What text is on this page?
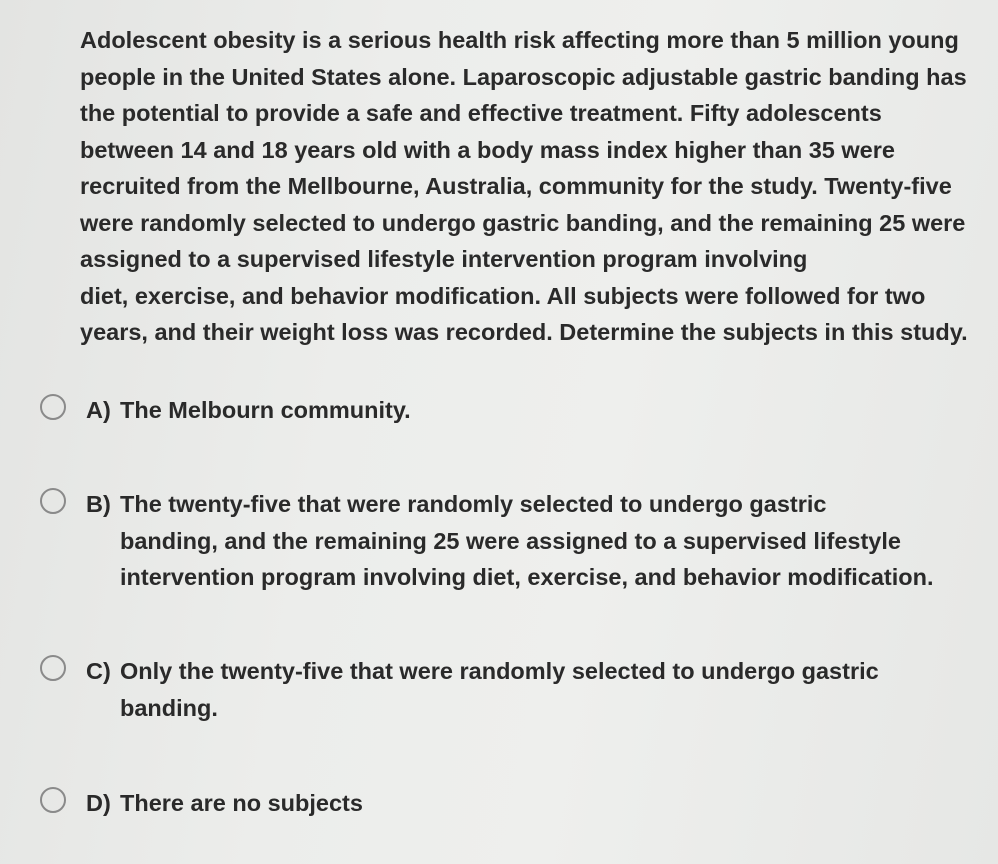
Adolescent obesity is a serious health risk affecting more than 5 million young
people in the United States alone. Laparoscopic adjustable gastric banding has
the potential to provide a safe and effective treatment. Fifty adolescents
between 14 and 18 years old with a body mass index higher than 35 were
recruited from the Mellbourne, Australia, community for the study. Twenty-five
were randomly selected to undergo gastric banding, and the remaining 25 were
assigned to a supervised lifestyle intervention program involving
diet, exercise, and behavior modification. All subjects were followed for two
years, and their weight loss was recorded. Determine the subjects in this study.
A) The Melbourn community.
B) The twenty-five that were randomly selected to undergo gastric
banding, and the remaining 25 were assigned to a supervised lifestyle
intervention program involving diet, exercise, and behavior modification.
C) Only the twenty-five that were randomly selected to undergo gastric
banding.
D) There are no subjects
